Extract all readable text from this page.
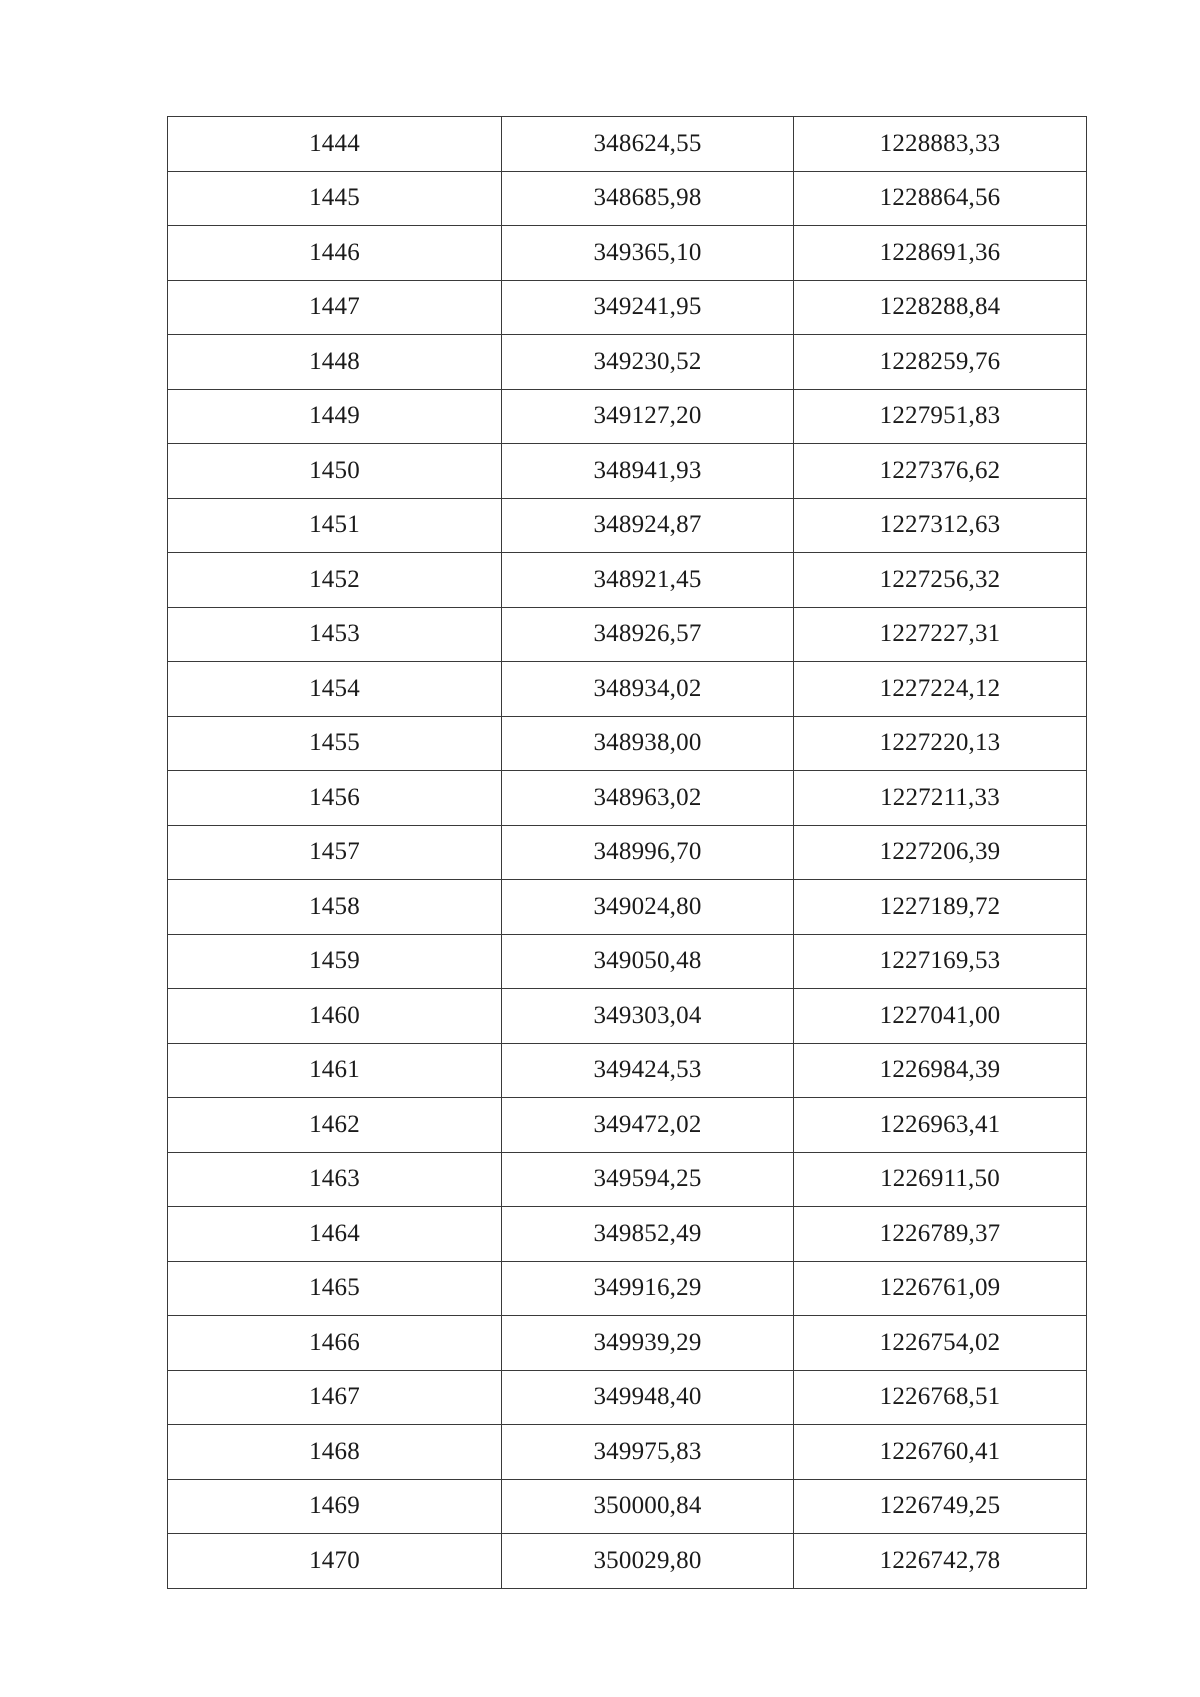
1444	348624,55	1228883,33
1445	348685,98	1228864,56
1446	349365,10	1228691,36
1447	349241,95	1228288,84
1448	349230,52	1228259,76
1449	349127,20	1227951,83
1450	348941,93	1227376,62
1451	348924,87	1227312,63
1452	348921,45	1227256,32
1453	348926,57	1227227,31
1454	348934,02	1227224,12
1455	348938,00	1227220,13
1456	348963,02	1227211,33
1457	348996,70	1227206,39
1458	349024,80	1227189,72
1459	349050,48	1227169,53
1460	349303,04	1227041,00
1461	349424,53	1226984,39
1462	349472,02	1226963,41
1463	349594,25	1226911,50
1464	349852,49	1226789,37
1465	349916,29	1226761,09
1466	349939,29	1226754,02
1467	349948,40	1226768,51
1468	349975,83	1226760,41
1469	350000,84	1226749,25
1470	350029,80	1226742,78
